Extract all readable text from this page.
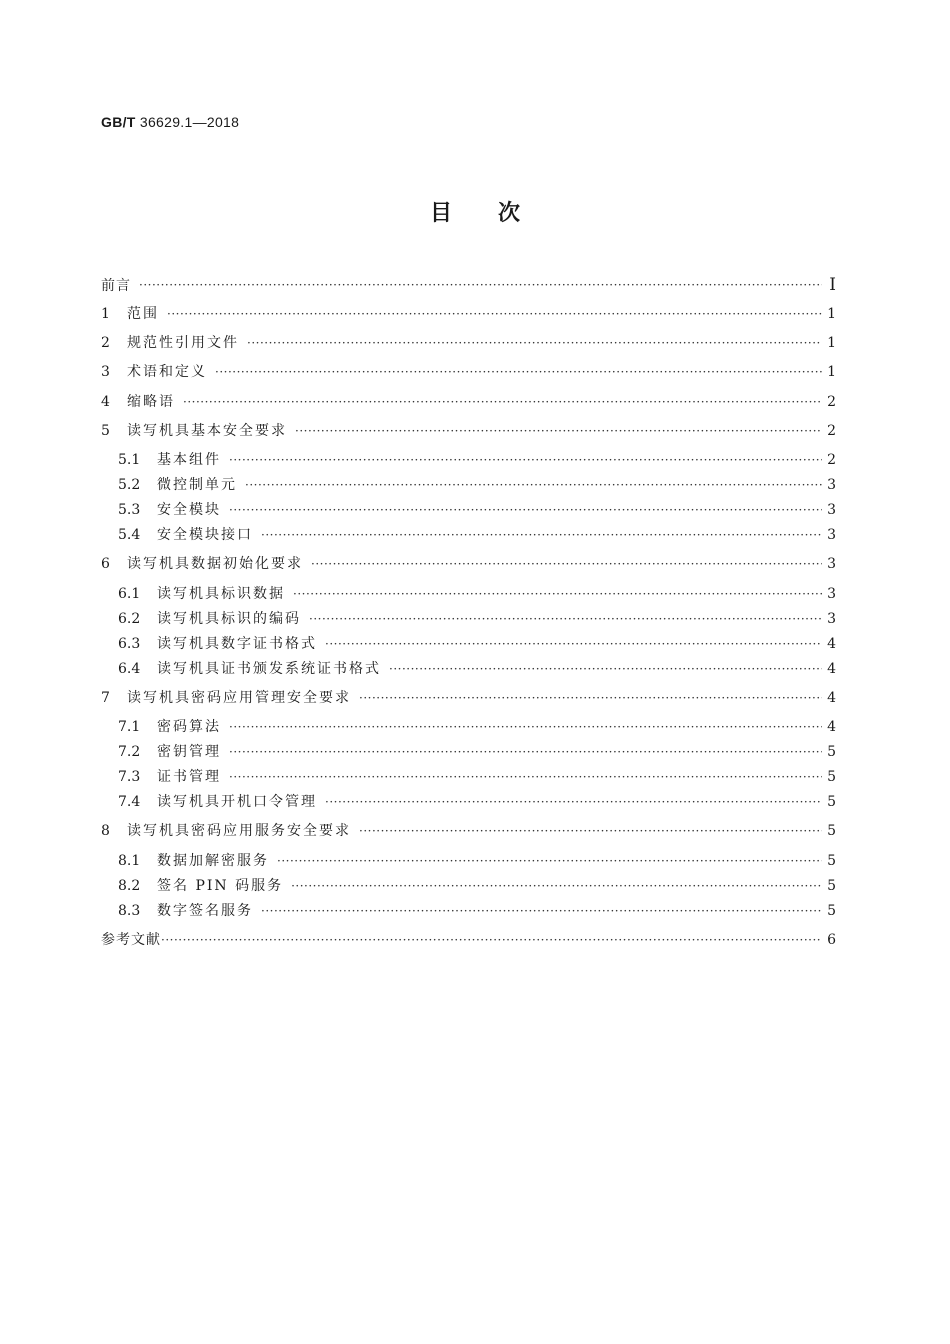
GB/T 36629.1—2018
目次
前言 ·····	Ⅰ
1	范围 ·····	1
2	规范性引用文件 ·····	1
3	术语和定义 ·····	1
4	缩略语 ·····	2
5	读写机具基本安全要求 ·····	2
5.1	基本组件 ·····	2
5.2	微控制单元 ·····	3
5.3	安全模块 ·····	3
5.4	安全模块接口 ·····	3
6	读写机具数据初始化要求 ·····	3
6.1	读写机具标识数据 ·····	3
6.2	读写机具标识的编码 ·····	3
6.3	读写机具数字证书格式 ·····	4
6.4	读写机具证书颁发系统证书格式 ·····	4
7	读写机具密码应用管理安全要求 ·····	4
7.1	密码算法 ·····	4
7.2	密钥管理 ·····	5
7.3	证书管理 ·····	5
7.4	读写机具开机口令管理 ·····	5
8	读写机具密码应用服务安全要求 ·····	5
8.1	数据加解密服务 ·····	5
8.2	签名 PIN 码服务 ·····	5
8.3	数字签名服务 ·····	5
参考文献 ·····	6
